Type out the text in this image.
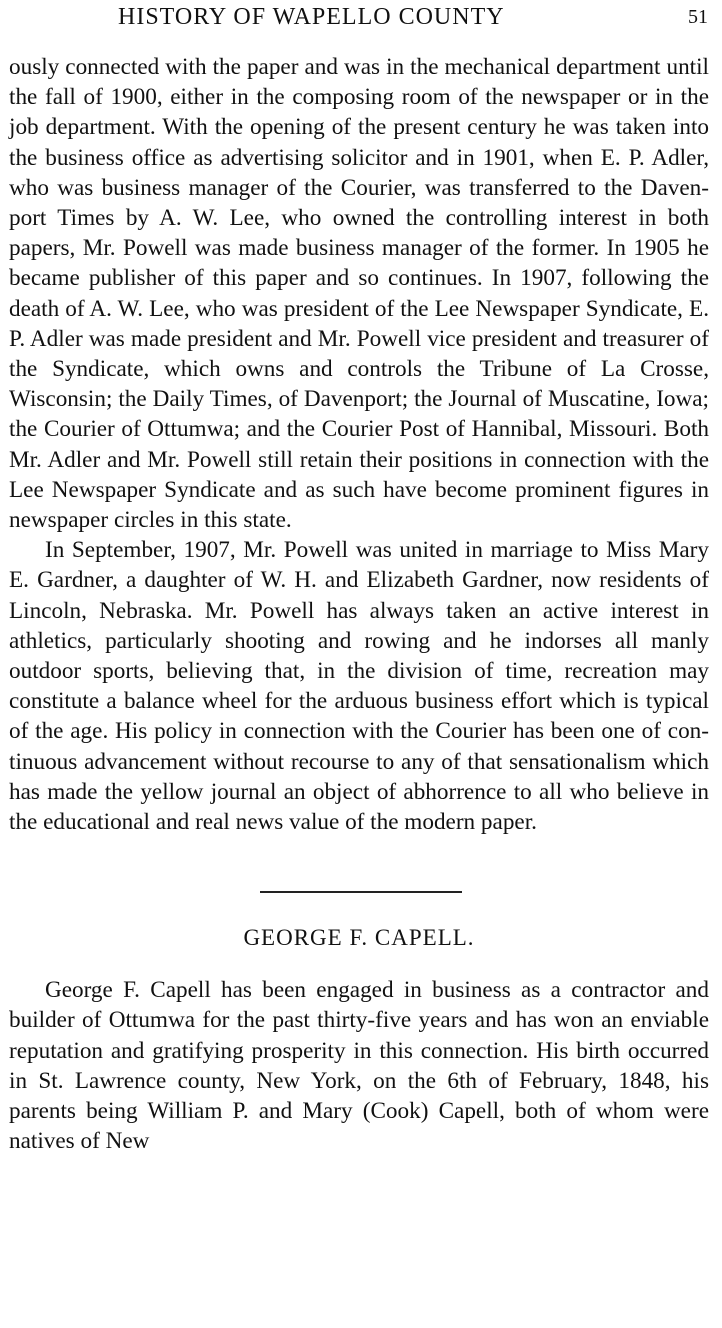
HISTORY OF WAPELLO COUNTY	51

ously connected with the paper and was in the mechanical department until the fall of 1900, either in the composing room of the newspaper or in the job department. With the opening of the present century he was taken into the business office as advertising solicitor and in 1901, when E. P. Adler, who was business manager of the Courier, was transferred to the Davenport Times by A. W. Lee, who owned the controlling interest in both papers, Mr. Powell was made business manager of the former. In 1905 he became publisher of this paper and so continues. In 1907, following the death of A. W. Lee, who was president of the Lee Newspaper Syndicate, E. P. Adler was made president and Mr. Powell vice president and treasurer of the Syndicate, which owns and controls the Tribune of La Crosse, Wisconsin; the Daily Times, of Davenport; the Journal of Muscatine, Iowa; the Courier of Ottumwa; and the Courier Post of Hannibal, Missouri. Both Mr. Adler and Mr. Powell still retain their positions in connection with the Lee Newspaper Syndicate and as such have become prominent figures in newspaper circles in this state.

In September, 1907, Mr. Powell was united in marriage to Miss Mary E. Gardner, a daughter of W. H. and Elizabeth Gardner, now residents of Lincoln, Nebraska. Mr. Powell has always taken an active interest in athletics, particularly shooting and rowing and he indorses all manly outdoor sports, believing that, in the division of time, recreation may constitute a balance wheel for the arduous business effort which is typical of the age. His policy in connection with the Courier has been one of continuous advancement without recourse to any of that sensationalism which has made the yellow journal an object of abhorrence to all who believe in the educational and real news value of the modern paper.

GEORGE F. CAPELL.

George F. Capell has been engaged in business as a contractor and builder of Ottumwa for the past thirty-five years and has won an enviable reputation and gratifying prosperity in this connection. His birth occurred in St. Lawrence county, New York, on the 6th of February, 1848, his parents being William P. and Mary (Cook) Capell, both of whom were natives of New
